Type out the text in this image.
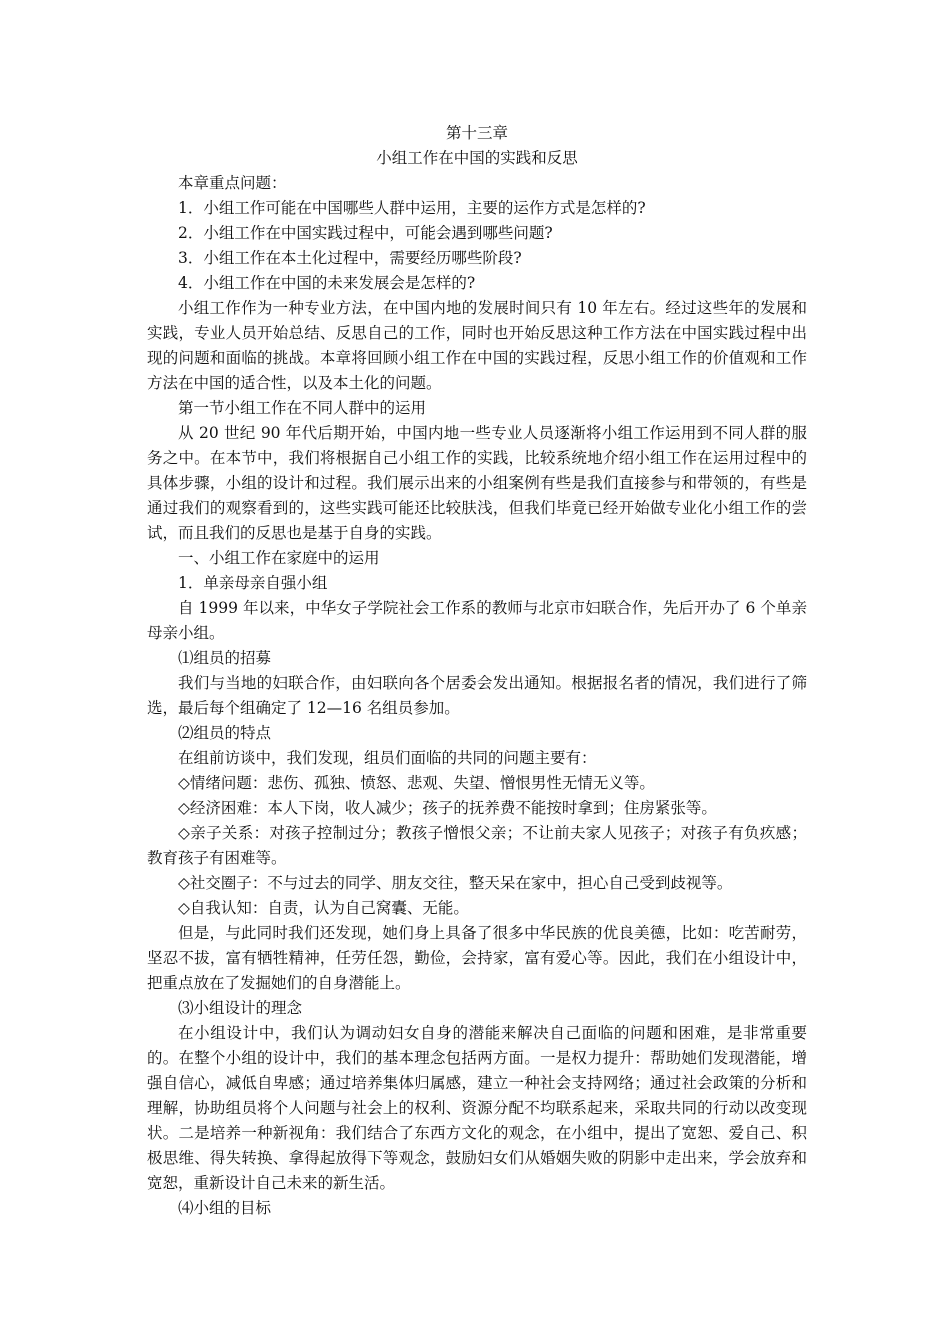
第十三章
小组工作在中国的实践和反思

本章重点问题：

1．小组工作可能在中国哪些人群中运用，主要的运作方式是怎样的?

2．小组工作在中国实践过程中，可能会遇到哪些问题?

3．小组工作在本土化过程中，需要经历哪些阶段?

4．小组工作在中国的未来发展会是怎样的?

小组工作作为一种专业方法，在中国内地的发展时间只有 10 年左右。经过这些年的发展和实践，专业人员开始总结、反思自己的工作，同时也开始反思这种工作方法在中国实践过程中出现的问题和面临的挑战。本章将回顾小组工作在中国的实践过程，反思小组工作的价值观和工作方法在中国的适合性，以及本土化的问题。

第一节小组工作在不同人群中的运用

从 20 世纪 90 年代后期开始，中国内地一些专业人员逐渐将小组工作运用到不同人群的服务之中。在本节中，我们将根据自己小组工作的实践，比较系统地介绍小组工作在运用过程中的具体步骤，小组的设计和过程。我们展示出来的小组案例有些是我们直接参与和带领的，有些是通过我们的观察看到的，这些实践可能还比较肤浅，但我们毕竟已经开始做专业化小组工作的尝试，而且我们的反思也是基于自身的实践。

一、小组工作在家庭中的运用

1．单亲母亲自强小组

自 1999 年以来，中华女子学院社会工作系的教师与北京市妇联合作，先后开办了 6 个单亲母亲小组。

⑴组员的招募

我们与当地的妇联合作，由妇联向各个居委会发出通知。根据报名者的情况，我们进行了筛选，最后每个组确定了 12—16 名组员参加。

⑵组员的特点

在组前访谈中，我们发现，组员们面临的共同的问题主要有：

◇情绪问题：悲伤、孤独、愤怒、悲观、失望、憎恨男性无情无义等。

◇经济困难：本人下岗，收人减少；孩子的抚养费不能按时拿到；住房紧张等。

◇亲子关系：对孩子控制过分；教孩子憎恨父亲；不让前夫家人见孩子；对孩子有负疚感；教育孩子有困难等。

◇社交圈子：不与过去的同学、朋友交往，整天呆在家中，担心自己受到歧视等。

◇自我认知：自责，认为自己窝囊、无能。

但是，与此同时我们还发现，她们身上具备了很多中华民族的优良美德，比如：吃苦耐劳，坚忍不拔，富有牺牲精神，任劳任怨，勤俭，会持家，富有爱心等。因此，我们在小组设计中，把重点放在了发掘她们的自身潜能上。

⑶小组设计的理念

在小组设计中，我们认为调动妇女自身的潜能来解决自己面临的问题和困难，是非常重要的。在整个小组的设计中，我们的基本理念包括两方面。一是权力提升：帮助她们发现潜能，增强自信心，减低自卑感；通过培养集体归属感，建立一种社会支持网络；通过社会政策的分析和理解，协助组员将个人问题与社会上的权利、资源分配不均联系起来，采取共同的行动以改变现状。二是培养一种新视角：我们结合了东西方文化的观念，在小组中，提出了宽恕、爱自己、积极思维、得失转换、拿得起放得下等观念，鼓励妇女们从婚姻失败的阴影中走出来，学会放弃和宽恕，重新设计自己未来的新生活。

⑷小组的目标
